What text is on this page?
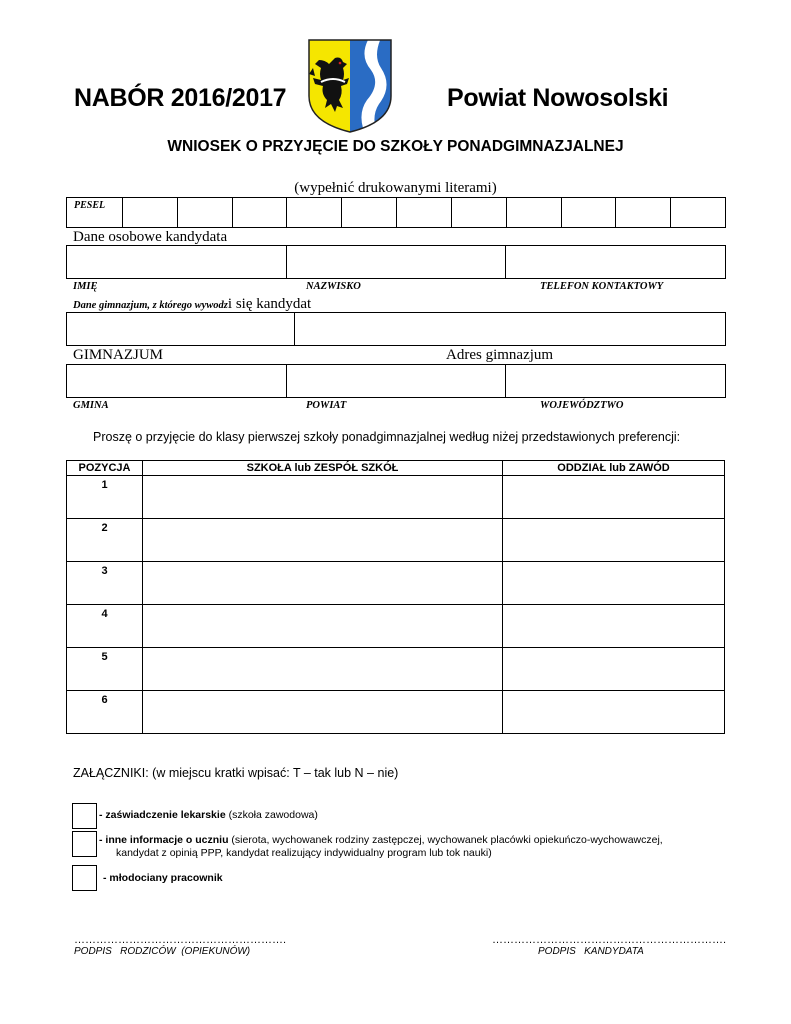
NABÓR 2016/2017	Powiat Nowosolski
WNIOSEK O PRZYJĘCIE DO SZKOŁY PONADGIMNAZJALNEJ
(wypełnić drukowanymi literami)
PESEL
Dane osobowe kandydata
IMIĘ	NAZWISKO	TELEFON KONTAKTOWY
Dane gimnazjum, z którego wywodzi się kandydat
GIMNAZJUM	Adres gimnazjum
GMINA	POWIAT	WOJEWÓDZTWO
Proszę o przyjęcie do klasy pierwszej szkoły ponadgimnazjalnej według niżej przedstawionych preferencji:
POZYCJA	SZKOŁA lub ZESPÓŁ SZKÓŁ	ODDZIAŁ lub ZAWÓD
1		
2		
3		
4		
5		
6		
ZAŁĄCZNIKI: (w miejscu kratki wpisać: T – tak lub N – nie)
- zaświadczenie lekarskie (szkoła zawodowa)
- inne informacje o uczniu (sierota, wychowanek rodziny zastępczej, wychowanek placówki opiekuńczo-wychowawczej,
kandydat z opinią PPP, kandydat realizujący indywidualny program lub tok nauki)
- młodociany pracownik
………………………………………………….
PODPIS   RODZICÓW  (OPIEKUNÓW)
……………………………………………………….
PODPIS   KANDYDATA
